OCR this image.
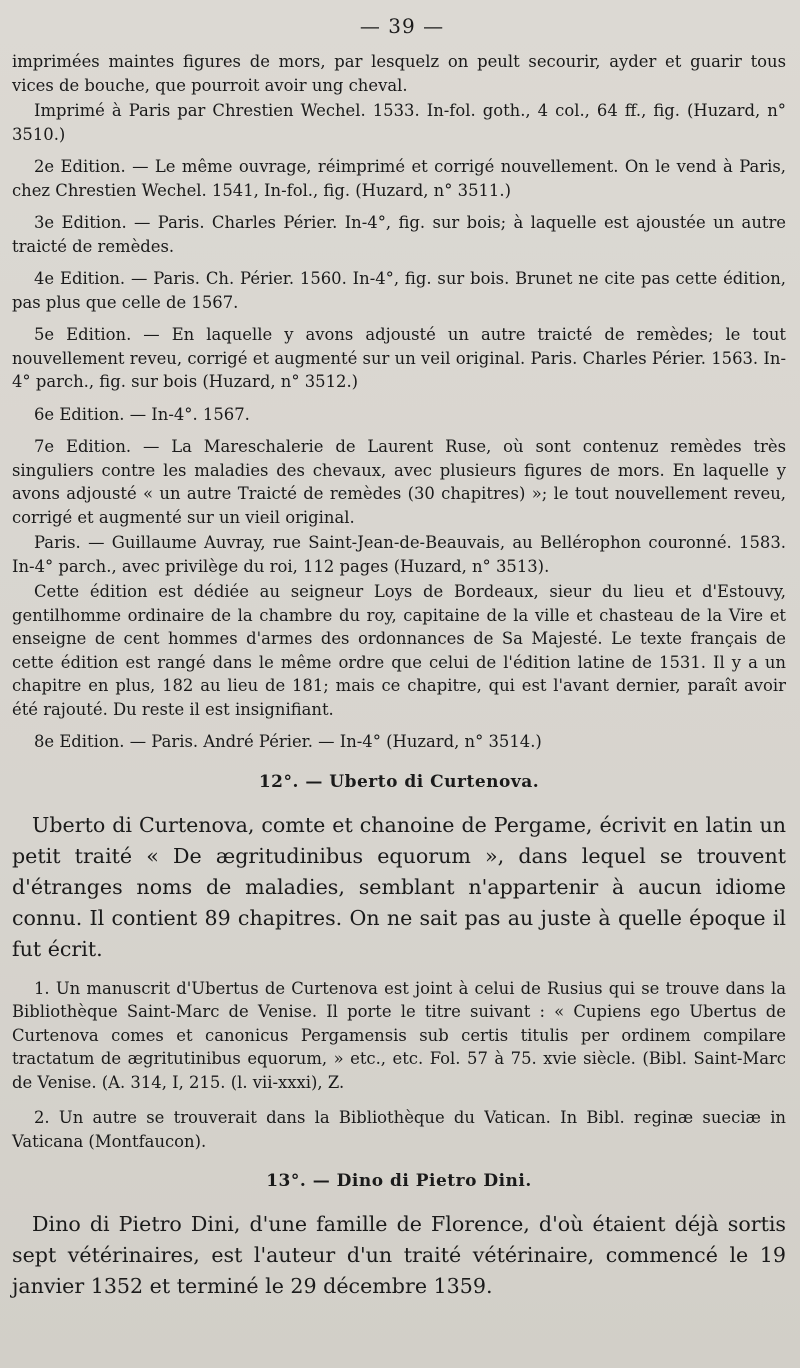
— 39 —

imprimées maintes figures de mors, par lesquelz on peult secourir, ayder et guarir tous vices de bouche, que pourroit avoir ung cheval.

Imprimé à Paris par Chrestien Wechel. 1533. In-fol. goth., 4 col., 64 ff., fig. (Huzard, n° 3510.)

2e Edition. — Le même ouvrage, réimprimé et corrigé nouvellement. On le vend à Paris, chez Chrestien Wechel. 1541, In-fol., fig. (Huzard, n° 3511.)

3e Edition. — Paris. Charles Périer. In-4°, fig. sur bois; à laquelle est ajoustée un autre traicté de remèdes.

4e Edition. — Paris. Ch. Périer. 1560. In-4°, fig. sur bois. Brunet ne cite pas cette édition, pas plus que celle de 1567.

5e Edition. — En laquelle y avons adjousté un autre traicté de remèdes; le tout nouvellement reveu, corrigé et augmenté sur un veil original. Paris. Charles Périer. 1563. In-4° parch., fig. sur bois (Huzard, n° 3512.)

6e Edition. — In-4°. 1567.

7e Edition. — La Mareschalerie de Laurent Ruse, où sont contenuz remèdes très singuliers contre les maladies des chevaux, avec plusieurs figures de mors. En laquelle y avons adjousté « un autre Traicté de remèdes (30 chapitres) »; le tout nouvellement reveu, corrigé et augmenté sur un vieil original.

Paris. — Guillaume Auvray, rue Saint-Jean-de-Beauvais, au Bellérophon couronné. 1583. In-4° parch., avec privilège du roi, 112 pages (Huzard, n° 3513).

Cette édition est dédiée au seigneur Loys de Bordeaux, sieur du lieu et d'Estouvy, gentilhomme ordinaire de la chambre du roy, capitaine de la ville et chasteau de la Vire et enseigne de cent hommes d'armes des ordonnances de Sa Majesté. Le texte français de cette édition est rangé dans le même ordre que celui de l'édition latine de 1531. Il y a un chapitre en plus, 182 au lieu de 181; mais ce chapitre, qui est l'avant dernier, paraît avoir été rajouté. Du reste il est insignifiant.

8e Edition. — Paris. André Périer. — In-4° (Huzard, n° 3514.)

12°. — Uberto di Curtenova.

Uberto di Curtenova, comte et chanoine de Pergame, écrivit en latin un petit traité « De ægritudinibus equorum », dans lequel se trouvent d'étranges noms de maladies, semblant n'appartenir à aucun idiome connu. Il contient 89 chapitres. On ne sait pas au juste à quelle époque il fut écrit.

1. Un manuscrit d'Ubertus de Curtenova est joint à celui de Rusius qui se trouve dans la Bibliothèque Saint-Marc de Venise. Il porte le titre suivant : « Cupiens ego Ubertus de Curtenova comes et canonicus Pergamensis sub certis titulis per ordinem compilare tractatum de ægritutinibus equorum, » etc., etc. Fol. 57 à 75. xvie siècle. (Bibl. Saint-Marc de Venise. (A. 314, I, 215. (l. vii-xxxi), Z.

2. Un autre se trouverait dans la Bibliothèque du Vatican. In Bibl. reginæ sueciæ in Vaticana (Montfaucon).

13°. — Dino di Pietro Dini.

Dino di Pietro Dini, d'une famille de Florence, d'où étaient déjà sortis sept vétérinaires, est l'auteur d'un traité vétérinaire, commencé le 19 janvier 1352 et terminé le 29 décembre 1359.
